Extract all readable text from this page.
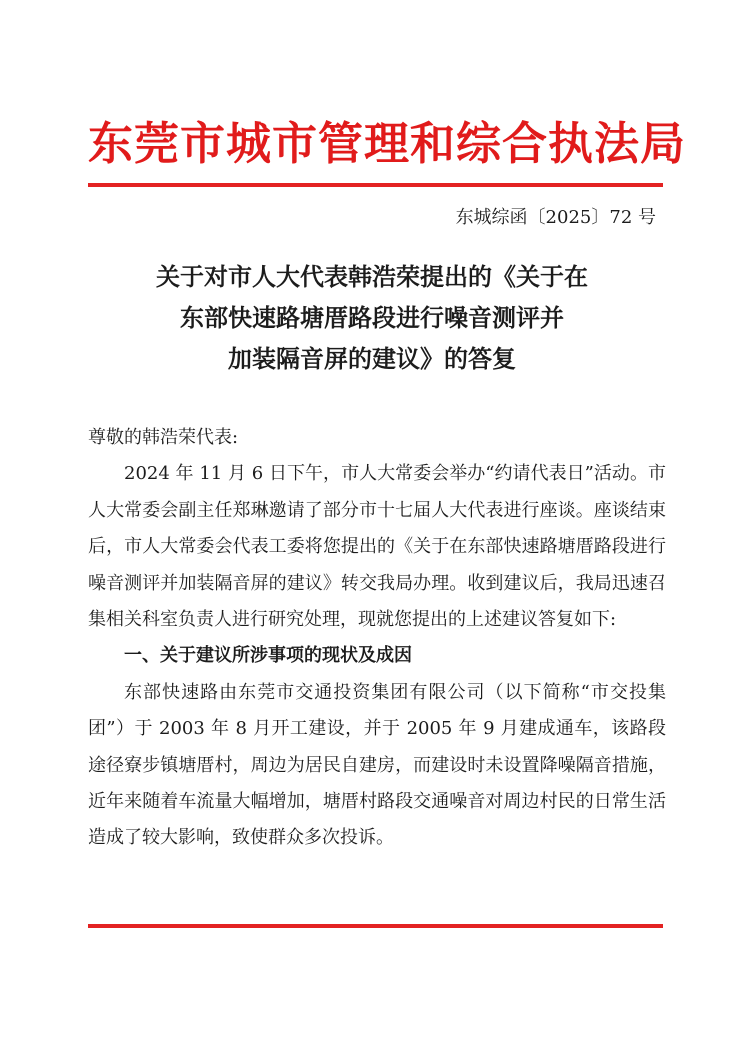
东莞市城市管理和综合执法局
东城综函〔2025〕72 号
关于对市人大代表韩浩荣提出的《关于在
东部快速路塘厝路段进行噪音测评并
加装隔音屏的建议》的答复

尊敬的韩浩荣代表:

2024 年 11 月 6 日下午，市人大常委会举办“约请代表日”活动。市人大常委会副主任郑琳邀请了部分市十七届人大代表进行座谈。座谈结束后，市人大常委会代表工委将您提出的《关于在东部快速路塘厝路段进行噪音测评并加装隔音屏的建议》转交我局办理。收到建议后，我局迅速召集相关科室负责人进行研究处理，现就您提出的上述建议答复如下:

一、关于建议所涉事项的现状及成因

东部快速路由东莞市交通投资集团有限公司（以下简称“市交投集团”）于 2003 年 8 月开工建设，并于 2005 年 9 月建成通车，该路段途径寮步镇塘厝村，周边为居民自建房，而建设时未设置降噪隔音措施，近年来随着车流量大幅增加，塘厝村路段交通噪音对周边村民的日常生活造成了较大影响，致使群众多次投诉。
